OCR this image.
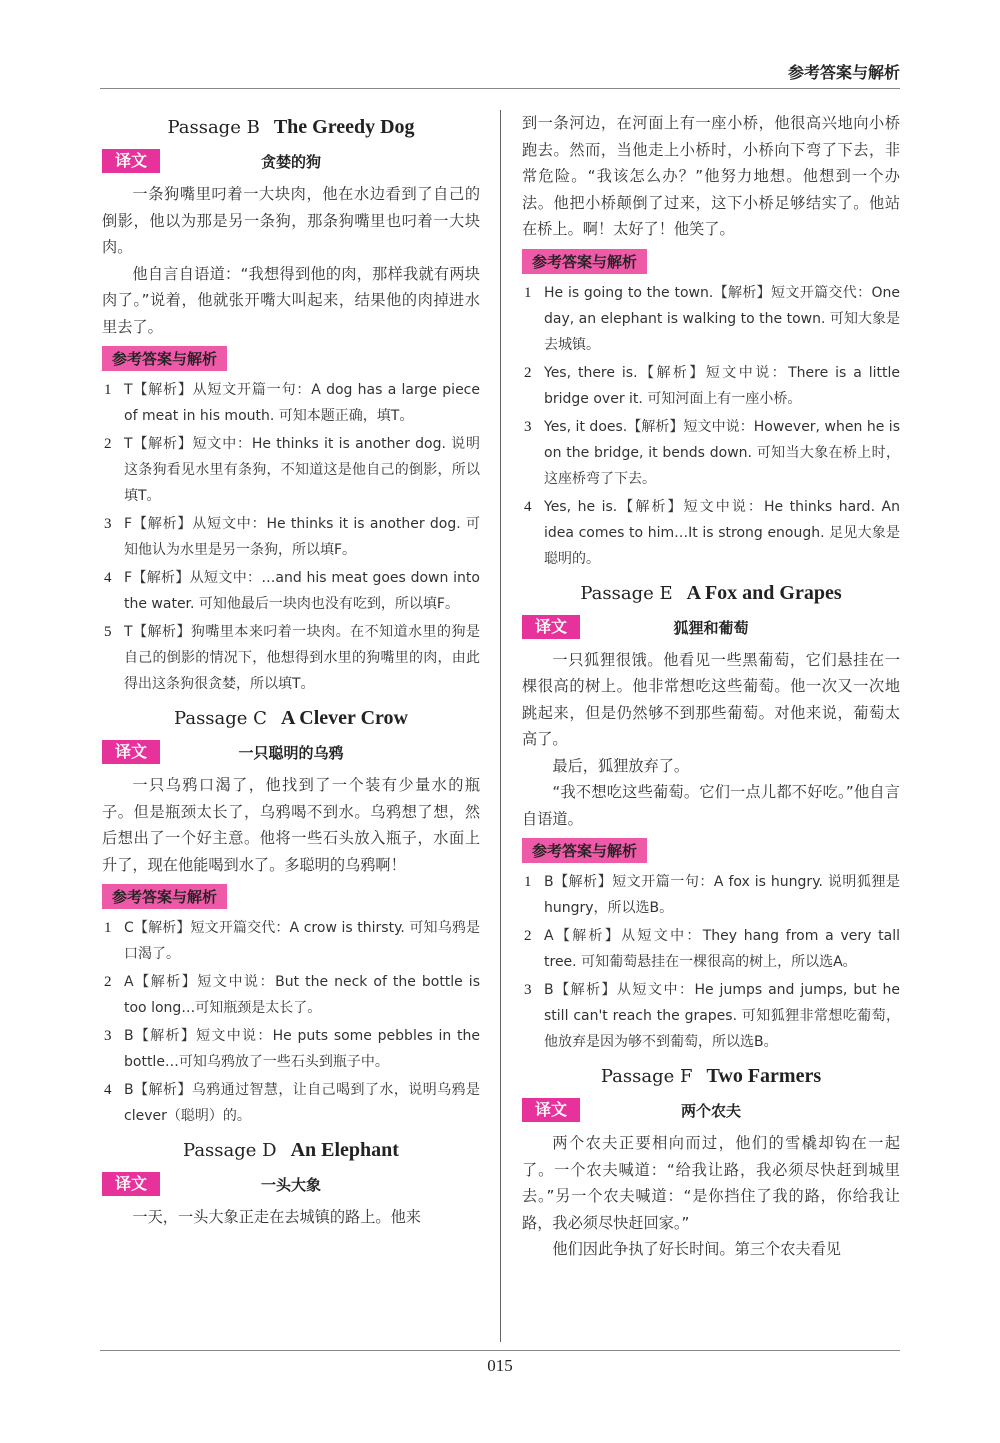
参考答案与解析
Passage B The Greedy Dog
译文	贪婪的狗

一条狗嘴里叼着一大块肉，他在水边看到了自己的倒影，他以为那是另一条狗，那条狗嘴里也叼着一大块肉。

他自言自语道：“我想得到他的肉，那样我就有两块肉了。”说着，他就张开嘴大叫起来，结果他的肉掉进水里去了。

参考答案与解析
1 T【解析】从短文开篇一句：A dog has a large piece of meat in his mouth. 可知本题正确，填T。

2 T【解析】短文中：He thinks it is another dog. 说明这条狗看见水里有条狗，不知道这是他自己的倒影，所以填T。

3 F【解析】从短文中：He thinks it is another dog. 可知他认为水里是另一条狗，所以填F。

4 F【解析】从短文中：…and his meat goes down into the water. 可知他最后一块肉也没有吃到，所以填F。

5 T【解析】狗嘴里本来叼着一块肉。在不知道水里的狗是自己的倒影的情况下，他想得到水里的狗嘴里的肉，由此得出这条狗很贪婪，所以填T。

Passage C A Clever Crow
译文	一只聪明的乌鸦

一只乌鸦口渴了，他找到了一个装有少量水的瓶子。但是瓶颈太长了，乌鸦喝不到水。乌鸦想了想，然后想出了一个好主意。他将一些石头放入瓶子，水面上升了，现在他能喝到水了。多聪明的乌鸦啊！

参考答案与解析
1 C【解析】短文开篇交代：A crow is thirsty. 可知乌鸦是口渴了。

2 A【解析】短文中说：But the neck of the bottle is too long…可知瓶颈是太长了。

3 B【解析】短文中说：He puts some pebbles in the bottle…可知乌鸦放了一些石头到瓶子中。

4 B【解析】乌鸦通过智慧，让自己喝到了水，说明乌鸦是clever（聪明）的。

Passage D An Elephant
译文	一头大象

一天，一头大象正走在去城镇的路上。他来

到一条河边，在河面上有一座小桥，他很高兴地向小桥跑去。然而，当他走上小桥时，小桥向下弯了下去，非常危险。“我该怎么办？”他努力地想。他想到一个办法。他把小桥颠倒了过来，这下小桥足够结实了。他站在桥上。啊！太好了！他笑了。

参考答案与解析
1 He is going to the town.【解析】短文开篇交代：One day, an elephant is walking to the town. 可知大象是去城镇。

2 Yes, there is.【解析】短文中说：There is a little bridge over it. 可知河面上有一座小桥。

3 Yes, it does.【解析】短文中说：However, when he is on the bridge, it bends down. 可知当大象在桥上时，这座桥弯了下去。

4 Yes, he is.【解析】短文中说：He thinks hard. An idea comes to him…It is strong enough. 足见大象是聪明的。

Passage E A Fox and Grapes
译文	狐狸和葡萄

一只狐狸很饿。他看见一些黑葡萄，它们悬挂在一棵很高的树上。他非常想吃这些葡萄。他一次又一次地跳起来，但是仍然够不到那些葡萄。对他来说，葡萄太高了。

最后，狐狸放弃了。

“我不想吃这些葡萄。它们一点儿都不好吃。”他自言自语道。

参考答案与解析
1 B【解析】短文开篇一句：A fox is hungry. 说明狐狸是hungry，所以选B。

2 A【解析】从短文中：They hang from a very tall tree. 可知葡萄悬挂在一棵很高的树上，所以选A。

3 B【解析】从短文中：He jumps and jumps, but he still can't reach the grapes. 可知狐狸非常想吃葡萄，他放弃是因为够不到葡萄，所以选B。

Passage F Two Farmers
译文	两个农夫

两个农夫正要相向而过，他们的雪橇却钩在一起了。一个农夫喊道：“给我让路，我必须尽快赶到城里去。”另一个农夫喊道：“是你挡住了我的路，你给我让路，我必须尽快赶回家。”

他们因此争执了好长时间。第三个农夫看见

015
